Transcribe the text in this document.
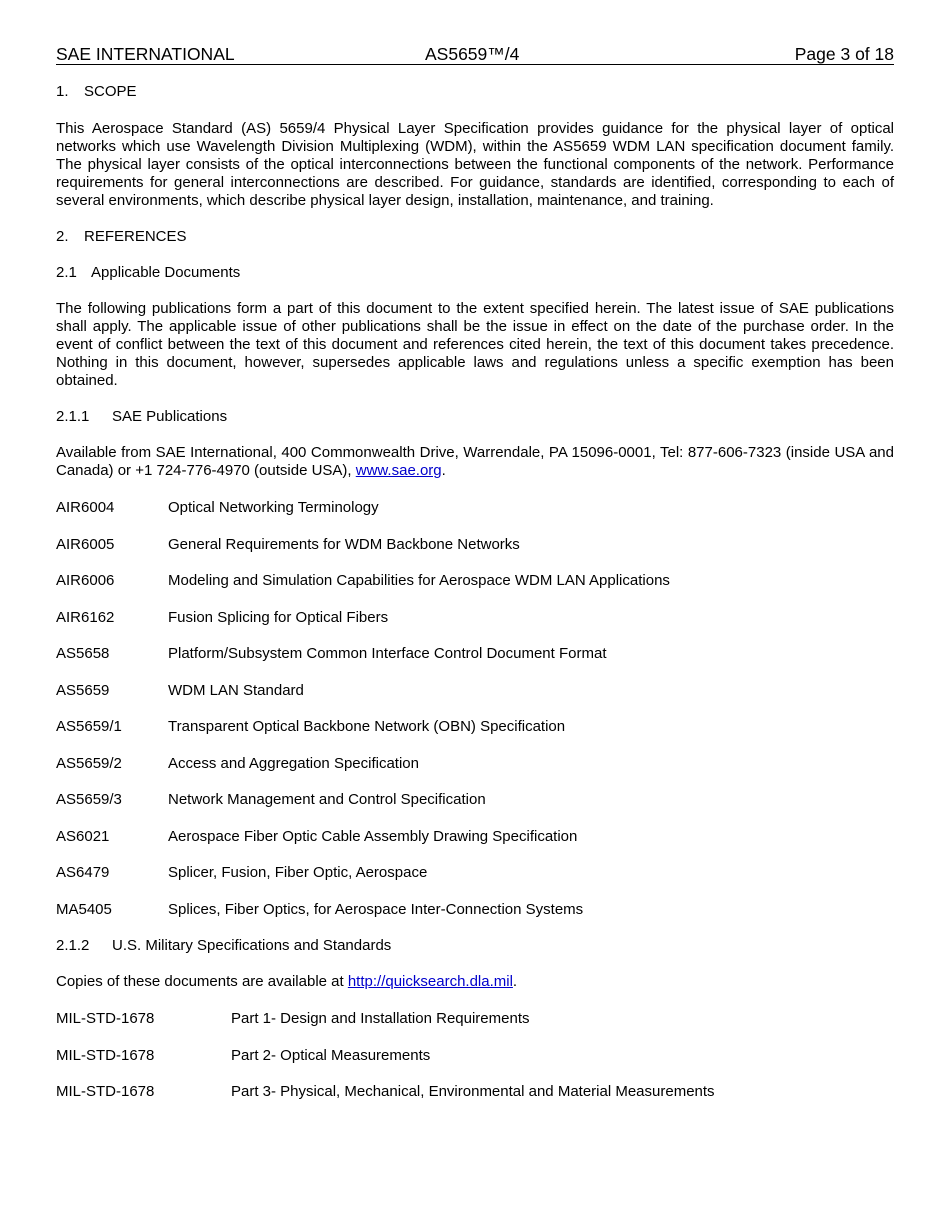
SAE INTERNATIONAL	AS5659™/4	Page 3 of 18
1. SCOPE
This Aerospace Standard (AS) 5659/4 Physical Layer Specification provides guidance for the physical layer of optical networks which use Wavelength Division Multiplexing (WDM), within the AS5659 WDM LAN specification document family. The physical layer consists of the optical interconnections between the functional components of the network. Performance requirements for general interconnections are described. For guidance, standards are identified, corresponding to each of several environments, which describe physical layer design, installation, maintenance, and training.
2. REFERENCES
2.1 Applicable Documents
The following publications form a part of this document to the extent specified herein. The latest issue of SAE publications shall apply. The applicable issue of other publications shall be the issue in effect on the date of the purchase order. In the event of conflict between the text of this document and references cited herein, the text of this document takes precedence. Nothing in this document, however, supersedes applicable laws and regulations unless a specific exemption has been obtained.
2.1.1 SAE Publications
Available from SAE International, 400 Commonwealth Drive, Warrendale, PA 15096-0001, Tel: 877-606-7323 (inside USA and Canada) or +1 724-776-4970 (outside USA), www.sae.org.
AIR6004	Optical Networking Terminology
AIR6005	General Requirements for WDM Backbone Networks
AIR6006	Modeling and Simulation Capabilities for Aerospace WDM LAN Applications
AIR6162	Fusion Splicing for Optical Fibers
AS5658	Platform/Subsystem Common Interface Control Document Format
AS5659	WDM LAN Standard
AS5659/1	Transparent Optical Backbone Network (OBN) Specification
AS5659/2	Access and Aggregation Specification
AS5659/3	Network Management and Control Specification
AS6021	Aerospace Fiber Optic Cable Assembly Drawing Specification
AS6479	Splicer, Fusion, Fiber Optic, Aerospace
MA5405	Splices, Fiber Optics, for Aerospace Inter-Connection Systems
2.1.2 U.S. Military Specifications and Standards
Copies of these documents are available at http://quicksearch.dla.mil.
MIL-STD-1678	Part 1- Design and Installation Requirements
MIL-STD-1678	Part 2- Optical Measurements
MIL-STD-1678	Part 3- Physical, Mechanical, Environmental and Material Measurements
